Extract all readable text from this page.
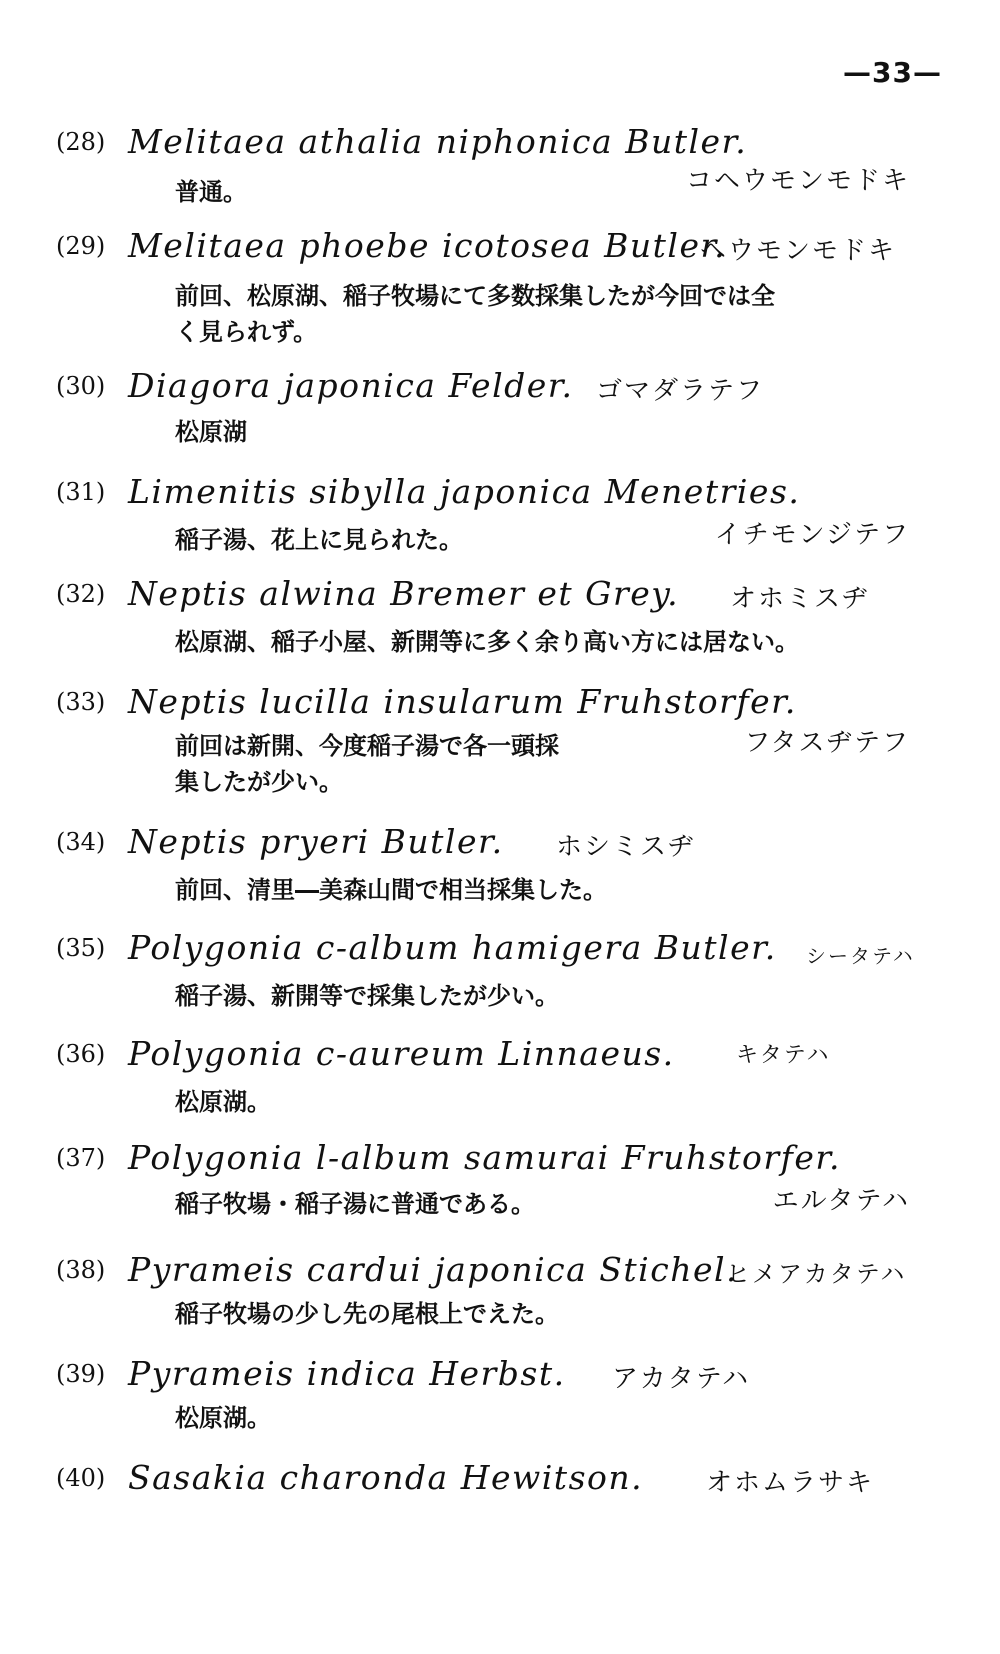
—33—
(28) Melitaea athalia niphonica Butler.
コヘウモンモドキ
普通。
(29) Melitaea phoebe icotosea Butler.
ヘウモンモドキ
前回、松原湖、稲子牧場にて多数採集したが今回では全
く見られず。
(30) Diagora japonica Felder. ゴマダラテフ
松原湖
(31) Limenitis sibylla japonica Menetries.
イチモンジテフ
稲子湯、花上に見られた。
(32) Neptis alwina Bremer et Grey. オホミスヂ
松原湖、稲子小屋、新開等に多く余り高い方には居ない。
(33) Neptis lucilla insularum Fruhstorfer.
フタスヂテフ
前回は新開、今度稲子湯で各一頭採
集したが少い。
(34) Neptis pryeri Butler. ホシミスヂ
前回、清里―美森山間で相当採集した。
(35) Polygonia c-album hamigera Butler. シータテハ
稲子湯、新開等で採集したが少い。
(36) Polygonia c-aureum Linnaeus.	キタテハ
松原湖。
(37) Polygonia l-album samurai Fruhstorfer.
エルタテハ
稲子牧場・稲子湯に普通である。
(38) Pyrameis cardui japonica Stichel.
ヒメアカタテハ
稲子牧場の少し先の尾根上でえた。
(39) Pyrameis indica Herbst. アカタテハ
松原湖。
(40) Sasakia charonda Hewitson. オホムラサキ
